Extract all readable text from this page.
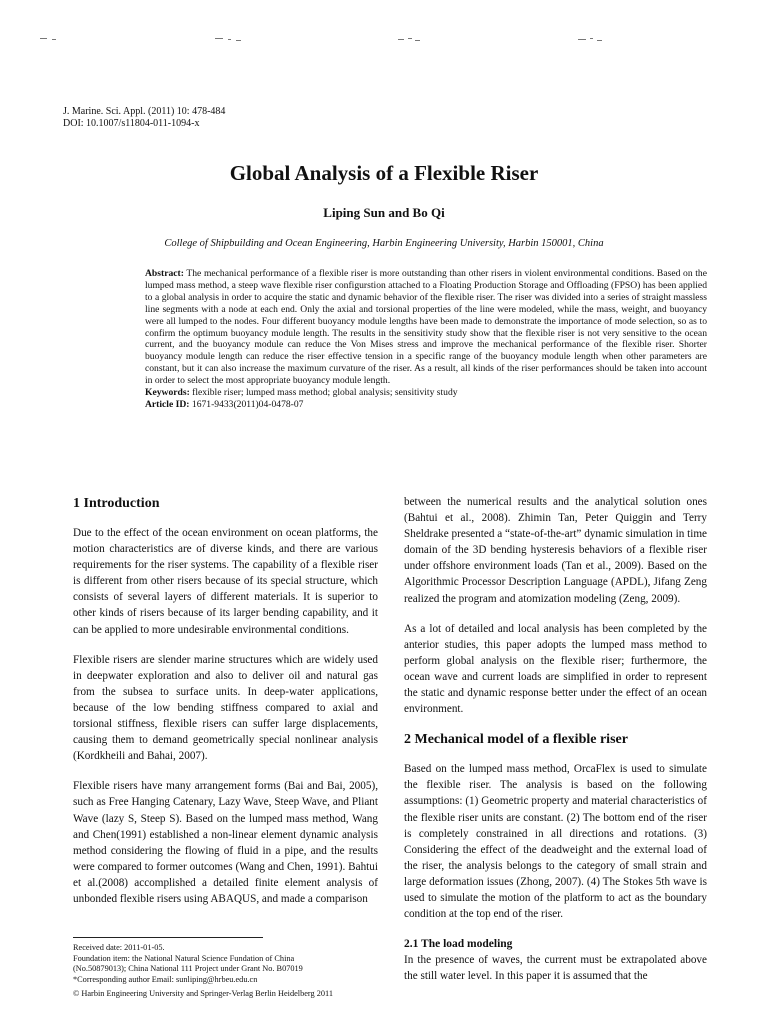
J. Marine. Sci. Appl. (2011) 10: 478-484
DOI: 10.1007/s11804-011-1094-x
Global Analysis of a Flexible Riser
Liping Sun and Bo Qi
College of Shipbuilding and Ocean Engineering, Harbin Engineering University, Harbin 150001, China

Abstract: The mechanical performance of a flexible riser is more outstanding than other risers in violent environmental conditions. Based on the lumped mass method, a steep wave flexible riser configurstion attached to a Floating Production Storage and Offloading (FPSO) has been applied to a global analysis in order to acquire the static and dynamic behavior of the flexible riser. The riser was divided into a series of straight massless line segments with a node at each end. Only the axial and torsional properties of the line were modeled, while the mass, weight, and buoyancy were all lumped to the nodes. Four different buoyancy module lengths have been made to demonstrate the importance of mode selection, so as to confirm the optimum buoyancy module length. The results in the sensitivity study show that the flexible riser is not very sensitive to the ocean current, and the buoyancy module can reduce the Von Mises stress and improve the mechanical performance of the flexible riser. Shorter buoyancy module length can reduce the riser effective tension in a specific range of the buoyancy module length when other parameters are constant, but it can also increase the maximum curvature of the riser. As a result, all kinds of the riser performances should be taken into account in order to select the most appropriate buoyancy module length.

Keywords: flexible riser; lumped mass method; global analysis; sensitivity study

Article ID: 1671-9433(2011)04-0478-07

1 Introduction

Due to the effect of the ocean environment on ocean platforms, the motion characteristics are of diverse kinds, and there are various requirements for the riser systems. The capability of a flexible riser is different from other risers because of its special structure, which consists of several layers of different materials. It is superior to other kinds of risers because of its larger bending capability, and it can be applied to more undesirable environmental conditions.

Flexible risers are slender marine structures which are widely used in deepwater exploration and also to deliver oil and natural gas from the subsea to surface units. In deep-water applications, because of the low bending stiffness compared to axial and torsional stiffness, flexible risers can suffer large displacements, causing them to demand geometrically special nonlinear analysis (Kordkheili and Bahai, 2007).

Flexible risers have many arrangement forms (Bai and Bai, 2005), such as Free Hanging Catenary, Lazy Wave, Steep Wave, and Pliant Wave (lazy S, Steep S). Based on the lumped mass method, Wang and Chen(1991) established a non-linear element dynamic analysis method considering the flowing of fluid in a pipe, and the results were compared to former outcomes (Wang and Chen, 1991). Bahtui et al.(2008) accomplished a detailed finite element analysis of unbonded flexible risers using ABAQUS, and made a comparison

between the numerical results and the analytical solution ones (Bahtui et al., 2008). Zhimin Tan, Peter Quiggin and Terry Sheldrake presented a “state-of-the-art” dynamic simulation in time domain of the 3D bending hysteresis behaviors of a flexible riser under offshore environment loads (Tan et al., 2009). Based on the Algorithmic Processor Description Language (APDL), Jifang Zeng realized the program and atomization modeling (Zeng, 2009).

As a lot of detailed and local analysis has been completed by the anterior studies, this paper adopts the lumped mass method to perform global analysis on the flexible riser; furthermore, the ocean wave and current loads are simplified in order to represent the static and dynamic response better under the effect of an ocean environment.

2 Mechanical model of a flexible riser

Based on the lumped mass method, OrcaFlex is used to simulate the flexible riser. The analysis is based on the following assumptions: (1) Geometric property and material characteristics of the flexible riser units are constant. (2) The bottom end of the riser is completely constrained in all directions and rotations. (3) Considering the effect of the deadweight and the external load of the riser, the analysis belongs to the category of small strain and large deformation issues (Zhong, 2007). (4) The Stokes 5th wave is used to simulate the motion of the platform to act as the boundary condition at the top end of the riser.

2.1 The load modeling

In the presence of waves, the current must be extrapolated above the still water level. In this paper it is assumed that the

Received date: 2011-01-05.
Foundation item: the National Natural Science Fundation of China
(No.50879013); China National 111 Project under Grant No. B07019
*Corresponding author Email: sunliping@hrbeu.edu.cn
© Harbin Engineering University and Springer-Verlag Berlin Heidelberg 2011
